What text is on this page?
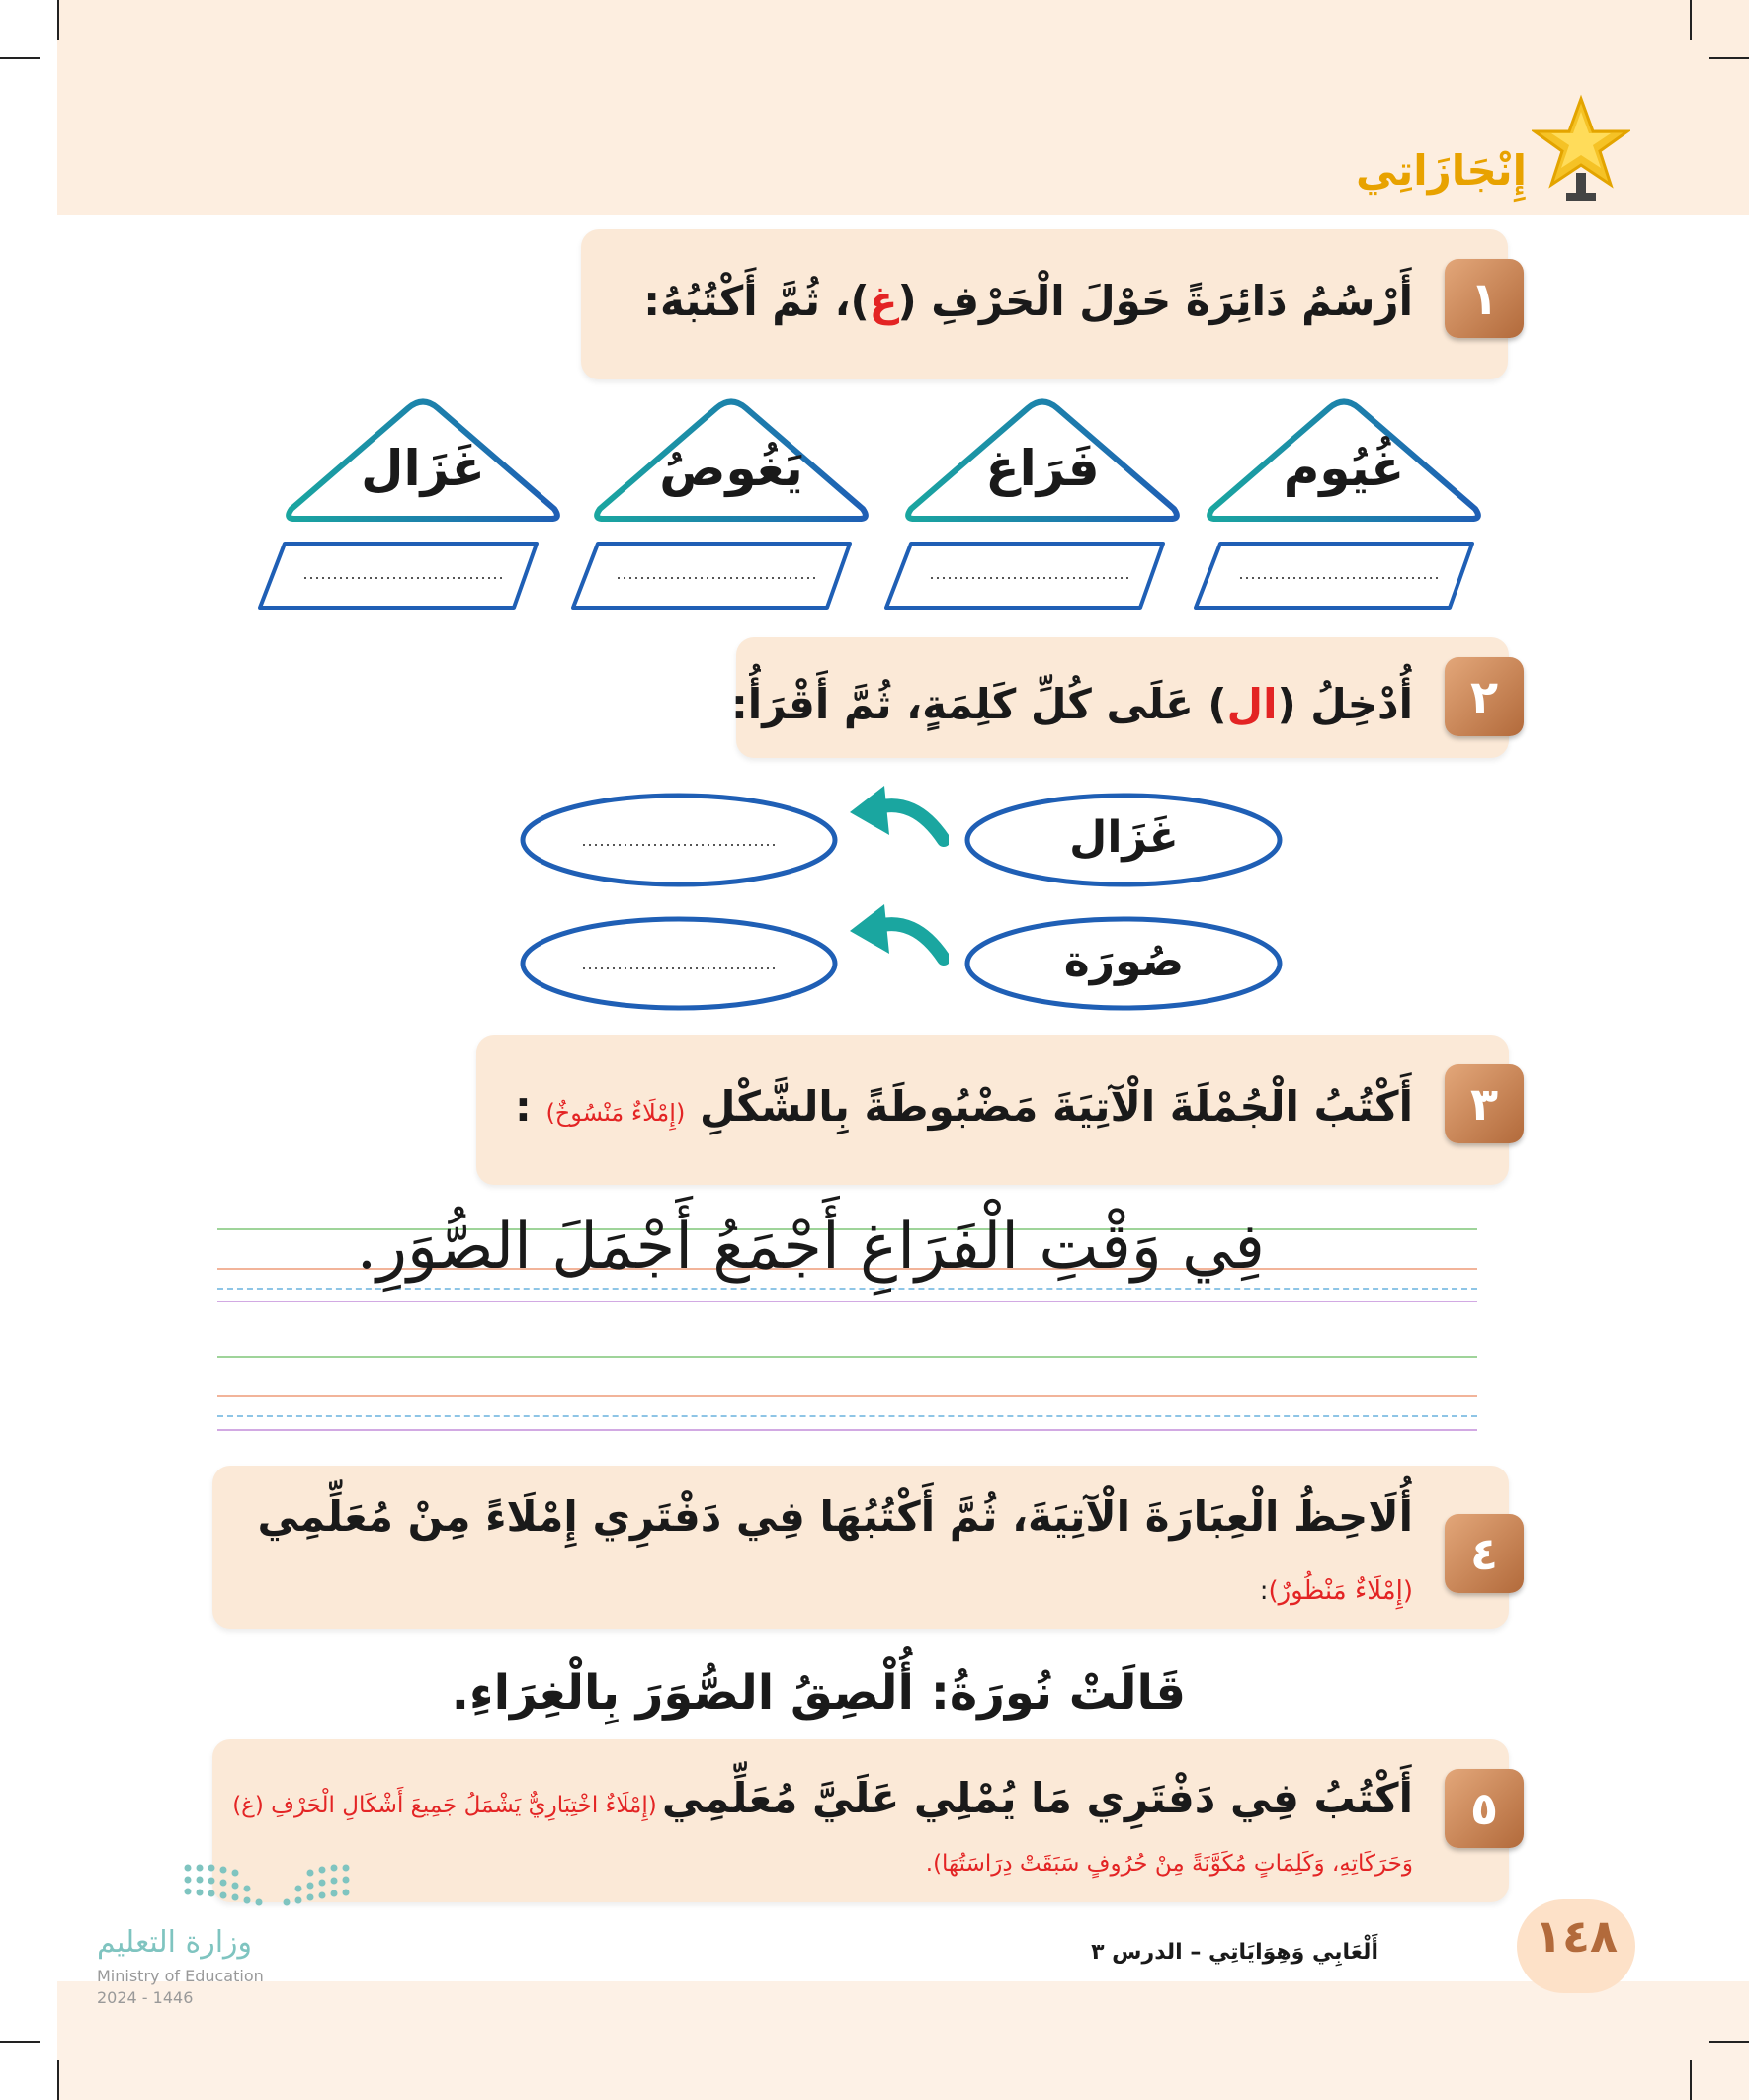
إِنْجَازَاتِي
١
أَرْسُمُ دَائِرَةً حَوْلَ الْحَرْفِ (غ)، ثُمَّ أَكْتُبُهُ:
غُيُوم
فَرَاغ
يَغُوصُ
غَزَال
٢
أُدْخِلُ (ال) عَلَى كُلِّ كَلِمَةٍ، ثُمَّ أَقْرَأُ:
غَزَال
صُورَة
٣
أَكْتُبُ الْجُمْلَةَ الْآتِيَةَ مَضْبُوطَةً بِالشَّكْلِ (إِمْلَاءٌ مَنْسُوخٌ) :
فِي وَقْتِ الْفَرَاغِ أَجْمَعُ أَجْمَلَ الصُّوَرِ.
٤
أُلَاحِظُ الْعِبَارَةَ الْآتِيَةَ، ثُمَّ أَكْتُبُهَا فِي دَفْتَرِي إِمْلَاءً مِنْ مُعَلِّمِي
(إِمْلَاءٌ مَنْظُورٌ):
قَالَتْ نُورَةُ: أُلْصِقُ الصُّوَرَ بِالْغِرَاءِ.
٥
أَكْتُبُ فِي دَفْتَرِي مَا يُمْلِي عَلَيَّ مُعَلِّمِي (إِمْلَاءٌ اخْتِبَارِيٌّ يَشْمَلُ جَمِيعَ أَشْكَالِ الْحَرْفِ (غ)
وَحَرَكَاتِهِ، وَكَلِمَاتٍ مُكَوَّنَةً مِنْ حُرُوفٍ سَبَقَتْ دِرَاسَتُهَا).
وزارة التعليم
Ministry of Education
2024 - 1446
أَلْعَابِي وَهِوَايَاتِي – الدرس ٣	١٤٨
